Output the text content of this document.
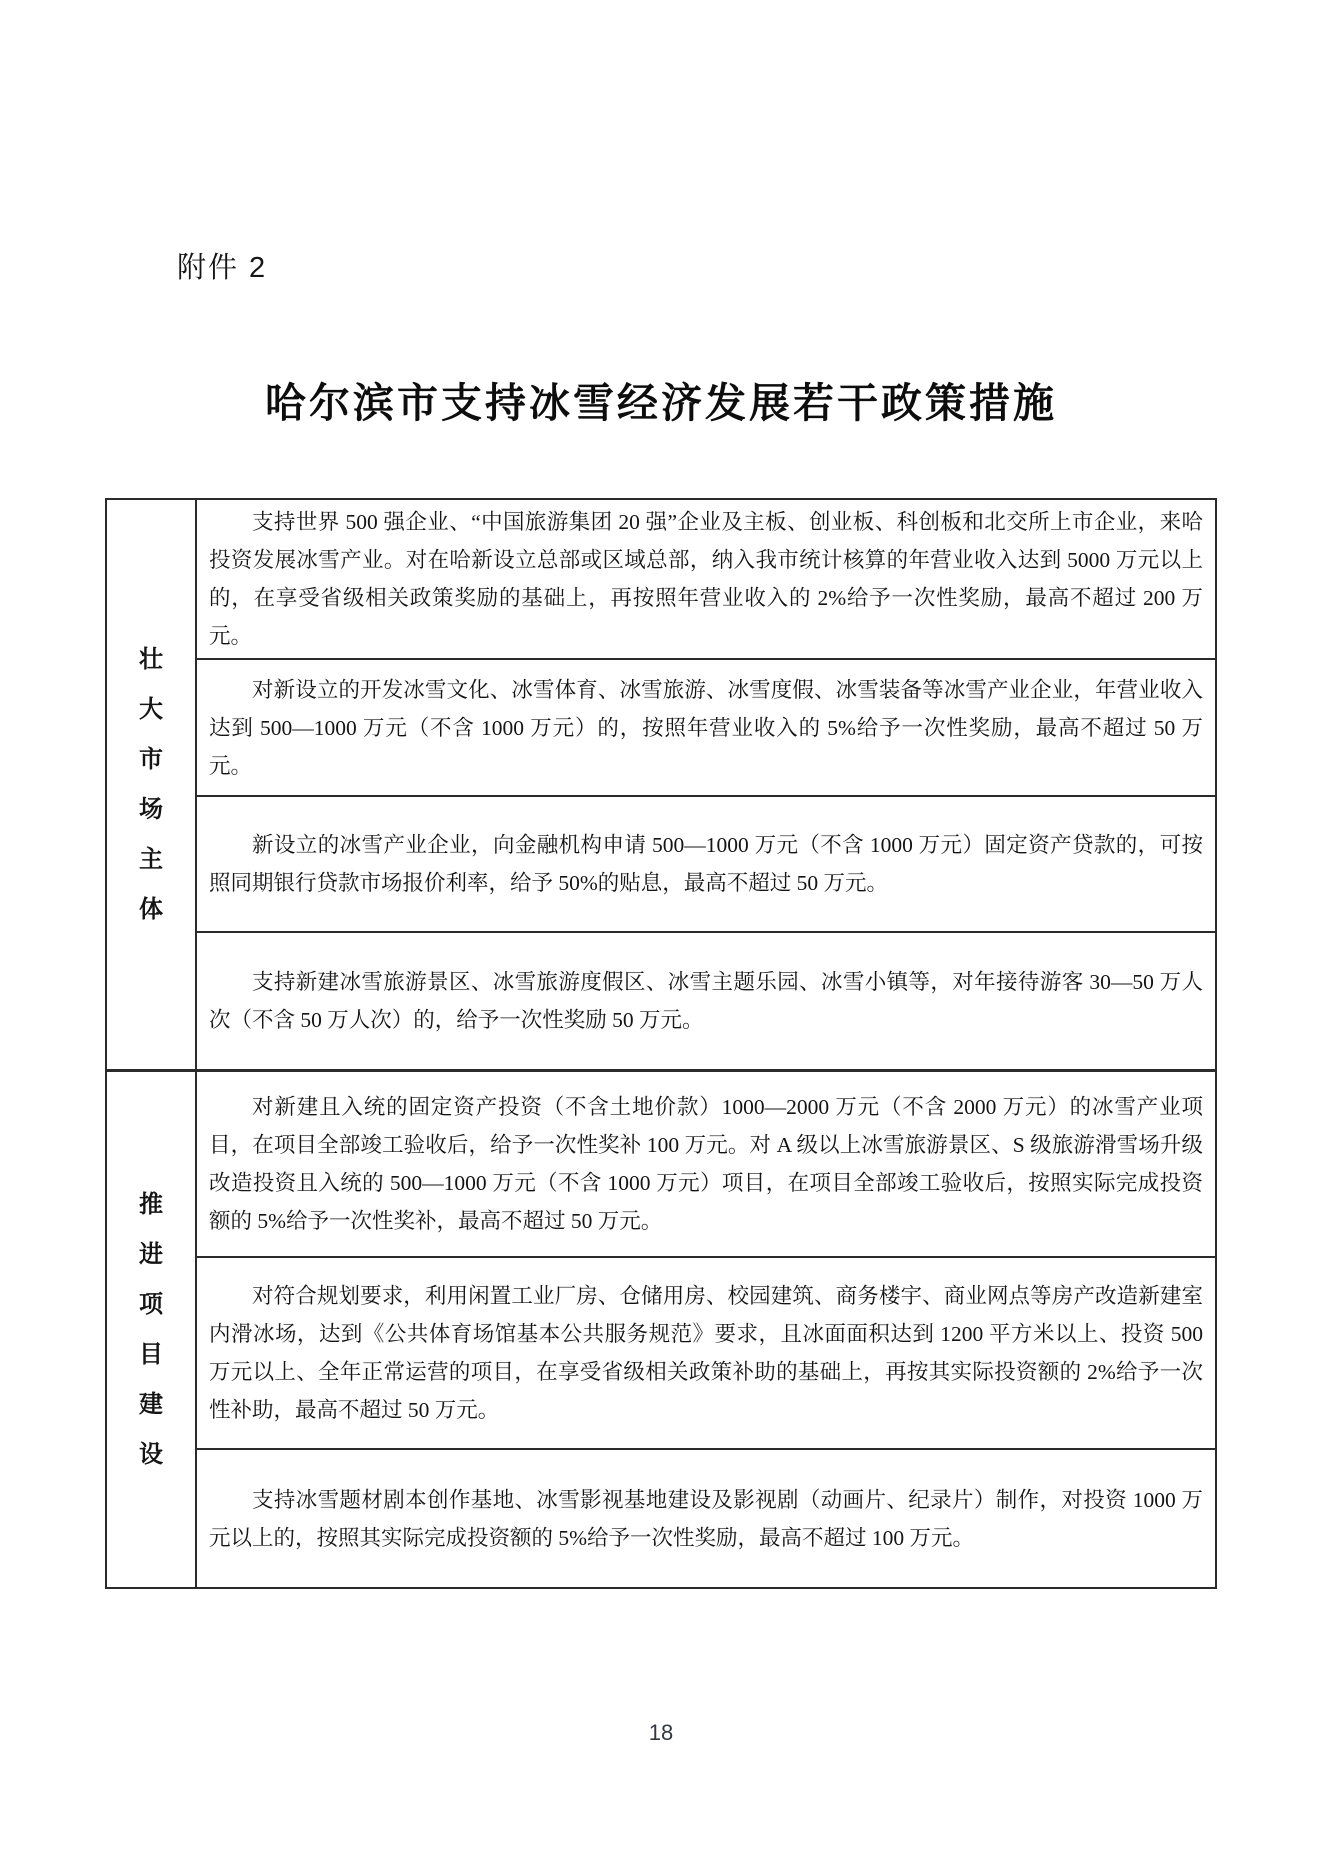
附件 2
哈尔滨市支持冰雪经济发展若干政策措施
壮大市场主体

支持世界 500 强企业、“中国旅游集团 20 强”企业及主板、创业板、科创板和北交所上市企业，来哈投资发展冰雪产业。对在哈新设立总部或区域总部，纳入我市统计核算的年营业收入达到 5000 万元以上的，在享受省级相关政策奖励的基础上，再按照年营业收入的 2%给予一次性奖励，最高不超过 200 万元。

对新设立的开发冰雪文化、冰雪体育、冰雪旅游、冰雪度假、冰雪装备等冰雪产业企业，年营业收入达到 500—1000 万元（不含 1000 万元）的，按照年营业收入的 5%给予一次性奖励，最高不超过 50 万元。

新设立的冰雪产业企业，向金融机构申请 500—1000 万元（不含 1000 万元）固定资产贷款的，可按照同期银行贷款市场报价利率，给予 50%的贴息，最高不超过 50 万元。

支持新建冰雪旅游景区、冰雪旅游度假区、冰雪主题乐园、冰雪小镇等，对年接待游客 30—50 万人次（不含 50 万人次）的，给予一次性奖励 50 万元。

推进项目建设

对新建且入统的固定资产投资（不含土地价款）1000—2000 万元（不含 2000 万元）的冰雪产业项目，在项目全部竣工验收后，给予一次性奖补 100 万元。对 A 级以上冰雪旅游景区、S 级旅游滑雪场升级改造投资且入统的 500—1000 万元（不含 1000 万元）项目，在项目全部竣工验收后，按照实际完成投资额的 5%给予一次性奖补，最高不超过 50 万元。

对符合规划要求，利用闲置工业厂房、仓储用房、校园建筑、商务楼宇、商业网点等房产改造新建室内滑冰场，达到《公共体育场馆基本公共服务规范》要求，且冰面面积达到 1200 平方米以上、投资 500 万元以上、全年正常运营的项目，在享受省级相关政策补助的基础上，再按其实际投资额的 2%给予一次性补助，最高不超过 50 万元。

支持冰雪题材剧本创作基地、冰雪影视基地建设及影视剧（动画片、纪录片）制作，对投资 1000 万元以上的，按照其实际完成投资额的 5%给予一次性奖励，最高不超过 100 万元。

18
